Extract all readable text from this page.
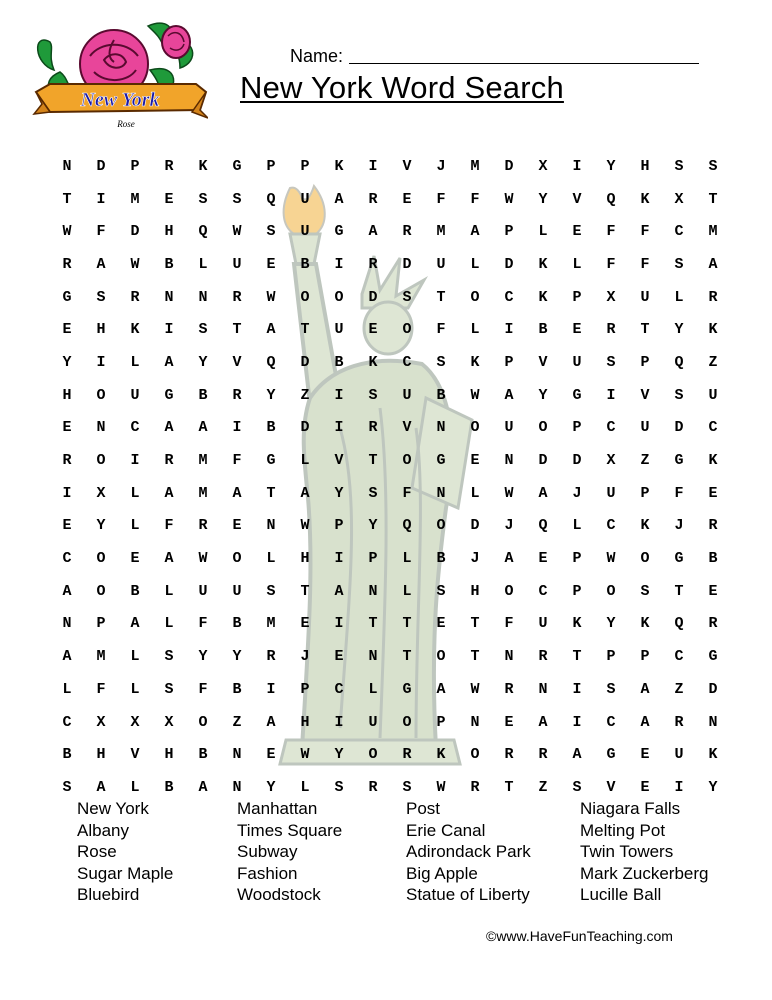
New York
Rose
Name:
New York Word Search
N	D	P	R	K	G	P	P	K	I	V	J	M	D	X	I	Y	H	S	S
T	I	M	E	S	S	Q	U	A	R	E	F	F	W	Y	V	Q	K	X	T
W	F	D	H	Q	W	S	U	G	A	R	M	A	P	L	E	F	F	C	M
R	A	W	B	L	U	E	B	I	R	D	U	L	D	K	L	F	F	S	A
G	S	R	N	N	R	W	O	O	D	S	T	O	C	K	P	X	U	L	R
E	H	K	I	S	T	A	T	U	E	O	F	L	I	B	E	R	T	Y	K
Y	I	L	A	Y	V	Q	D	B	K	C	S	K	P	V	U	S	P	Q	Z
H	O	U	G	B	R	Y	Z	I	S	U	B	W	A	Y	G	I	V	S	U
E	N	C	A	A	I	B	D	I	R	V	N	O	U	O	P	C	U	D	C
R	O	I	R	M	F	G	L	V	T	O	G	E	N	D	D	X	Z	G	K
I	X	L	A	M	A	T	A	Y	S	F	N	L	W	A	J	U	P	F	E
E	Y	L	F	R	E	N	W	P	Y	Q	O	D	J	Q	L	C	K	J	R
C	O	E	A	W	O	L	H	I	P	L	B	J	A	E	P	W	O	G	B
A	O	B	L	U	U	S	T	A	N	L	S	H	O	C	P	O	S	T	E
N	P	A	L	F	B	M	E	I	T	T	E	T	F	U	K	Y	K	Q	R
A	M	L	S	Y	Y	R	J	E	N	T	O	T	N	R	T	P	P	C	G
L	F	L	S	F	B	I	P	C	L	G	A	W	R	N	I	S	A	Z	D
C	X	X	X	O	Z	A	H	I	U	O	P	N	E	A	I	C	A	R	N
B	H	V	H	B	N	E	W	Y	O	R	K	O	R	R	A	G	E	U	K
S	A	L	B	A	N	Y	L	S	R	S	W	R	T	Z	S	V	E	I	Y
New York
Albany
Rose
Sugar Maple
Bluebird
Manhattan
Times Square
Subway
Fashion
Woodstock
Post
Erie Canal
Adirondack Park
Big Apple
Statue of Liberty
Niagara Falls
Melting Pot
Twin Towers
Mark Zuckerberg
Lucille Ball
©www.HaveFunTeaching.com
